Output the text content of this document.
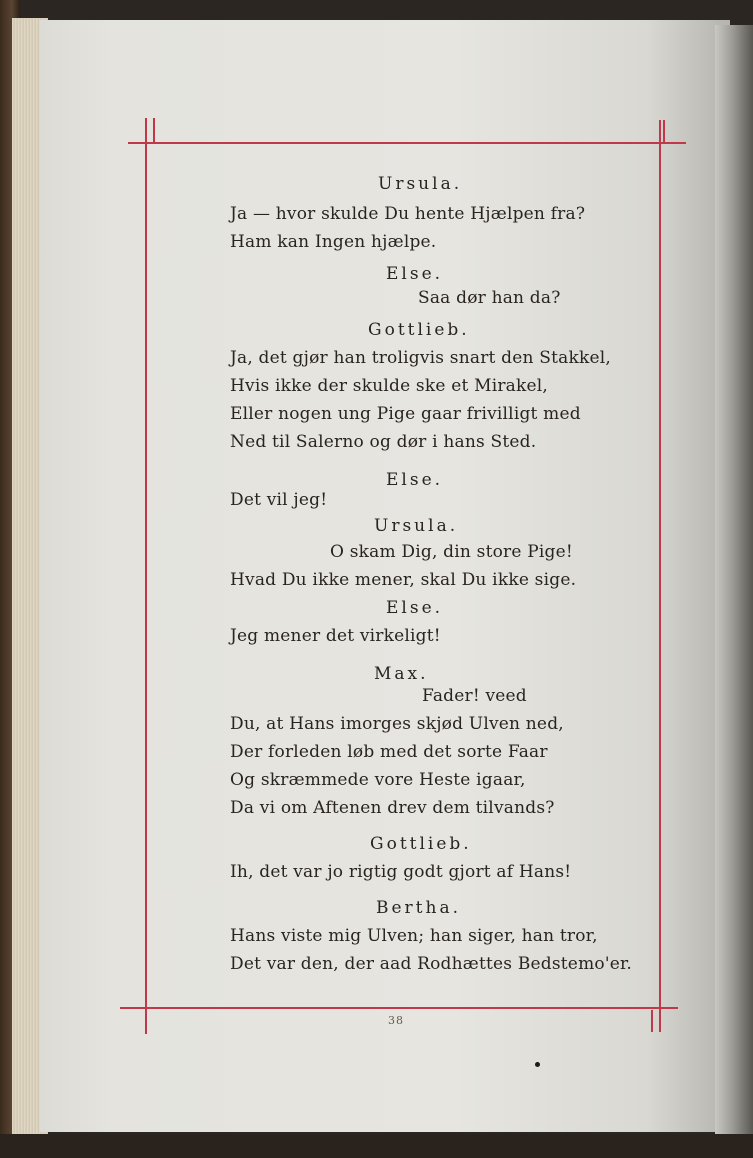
Ursula.
Ja — hvor skulde Du hente Hjælpen fra?
Ham kan Ingen hjælpe.
Else.
Saa dør han da?
Gottlieb.
Ja, det gjør han troligvis snart den Stakkel,
Hvis ikke der skulde ske et Mirakel,
Eller nogen ung Pige gaar frivilligt med
Ned til Salerno og dør i hans Sted.
Else.
Det vil jeg!
Ursula.
O skam Dig, din store Pige!
Hvad Du ikke mener, skal Du ikke sige.
Else.
Jeg mener det virkeligt!
Max.
Fader! veed
Du, at Hans imorges skjød Ulven ned,
Der forleden løb med det sorte Faar
Og skræmmede vore Heste igaar,
Da vi om Aftenen drev dem tilvands?
Gottlieb.
Ih, det var jo rigtig godt gjort af Hans!
Bertha.
Hans viste mig Ulven; han siger, han tror,
Det var den, der aad Rodhættes Bedstemo'er.
38
